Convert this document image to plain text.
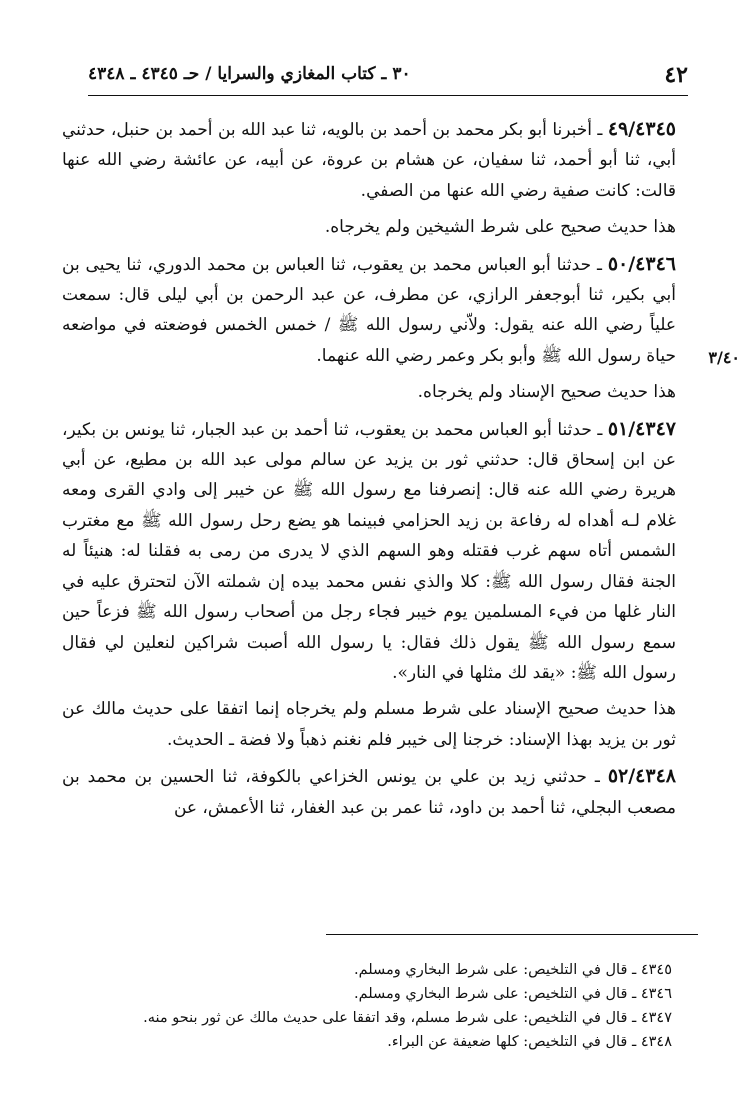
٤٢
٣٠ ـ كتاب المغازي والسرايا / حـ ٤٣٤٥ ـ ٤٣٤٨
٣/٤٠

٤٩/٤٣٤٥ ـ أخبرنا أبو بكر محمد بن أحمد بن بالويه، ثنا عبد الله بن أحمد بن حنبل، حدثني أبي، ثنا أبو أحمد، ثنا سفيان، عن هشام بن عروة، عن أبيه، عن عائشة رضي الله عنها قالت: كانت صفية رضي الله عنها من الصفي.

هذا حديث صحيح على شرط الشيخين ولم يخرجاه.

٥٠/٤٣٤٦ ـ حدثنا أبو العباس محمد بن يعقوب، ثنا العباس بن محمد الدوري، ثنا يحيى بن أبي بكير، ثنا أبوجعفر الرازي، عن مطرف، عن عبد الرحمن بن أبي ليلى قال: سمعت علياً رضي الله عنه يقول: ولاّني رسول الله ﷺ / خمس الخمس فوضعته في مواضعه حياة رسول الله ﷺ وأبو بكر وعمر رضي الله عنهما.

هذا حديث صحيح الإسناد ولم يخرجاه.

٥١/٤٣٤٧ ـ حدثنا أبو العباس محمد بن يعقوب، ثنا أحمد بن عبد الجبار، ثنا يونس بن بكير، عن ابن إسحاق قال: حدثني ثور بن يزيد عن سالم مولى عبد الله بن مطيع، عن أبي هريرة رضي الله عنه قال: إنصرفنا مع رسول الله ﷺ عن خيبر إلى وادي القرى ومعه غلام لـه أهداه له رفاعة بن زيد الحزامي فبينما هو يضع رحل رسول الله ﷺ مع مغترب الشمس أتاه سهم غرب فقتله وهو السهم الذي لا يدرى من رمى به فقلنا له: هنيئاً له الجنة فقال رسول الله ﷺ: كلا والذي نفس محمد بيده إن شملته الآن لتحترق عليه في النار غلها من فيء المسلمين يوم خيبر فجاء رجل من أصحاب رسول الله ﷺ فزعاً حين سمع رسول الله ﷺ يقول ذلك فقال: يا رسول الله أصبت شراكين لنعلين لي فقال رسول الله ﷺ: «يقد لك مثلها في النار».

هذا حديث صحيح الإسناد على شرط مسلم ولم يخرجاه إنما اتفقا على حديث مالك عن ثور بن يزيد بهذا الإسناد: خرجنا إلى خيبر فلم نغنم ذهباً ولا فضة ـ الحديث.

٥٢/٤٣٤٨ ـ حدثني زيد بن علي بن يونس الخزاعي بالكوفة، ثنا الحسين بن محمد بن مصعب البجلي، ثنا أحمد بن داود، ثنا عمر بن عبد الغفار، ثنا الأعمش، عن

٤٣٤٥ ـ قال في التلخيص: على شرط البخاري ومسلم.
٤٣٤٦ ـ قال في التلخيص: على شرط البخاري ومسلم.
٤٣٤٧ ـ قال في التلخيص: على شرط مسلم، وقد اتفقا على حديث مالك عن ثور بنحو منه.
٤٣٤٨ ـ قال في التلخيص: كلها ضعيفة عن البراء.
